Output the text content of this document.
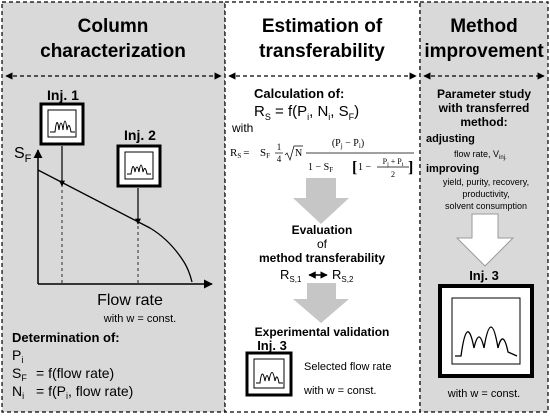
Column
characterization
Inj. 1
Inj. 2
$S_F$
Flow rate
with w = const.
Determination of:
$P_i$
$S_F$ = f(flow rate)
$N_i = f(P_i$, flow rate)
Estimation of
transferability
Calculation of:
$R_S = f(P_i$, $N_i$, $S_F$)
with
RS = SF
1
4 N
$(P_j - P_i)$
$1 - S_F$ [ 1 −
$P_j + P_i$
2 ]
Evaluation
of
method transferability
$R_{S,1}$ $R_{S,2}$
Experimental validation
Inj. 3
Selected flow rate
with w = const.
Method
improvement
Parameter study
with transferred
method:
adjusting
flow rate, $V_{inj.}$
improving
yield, purity, recovery,
productivity,
solvent consumption
Inj. 3
with w = const.
